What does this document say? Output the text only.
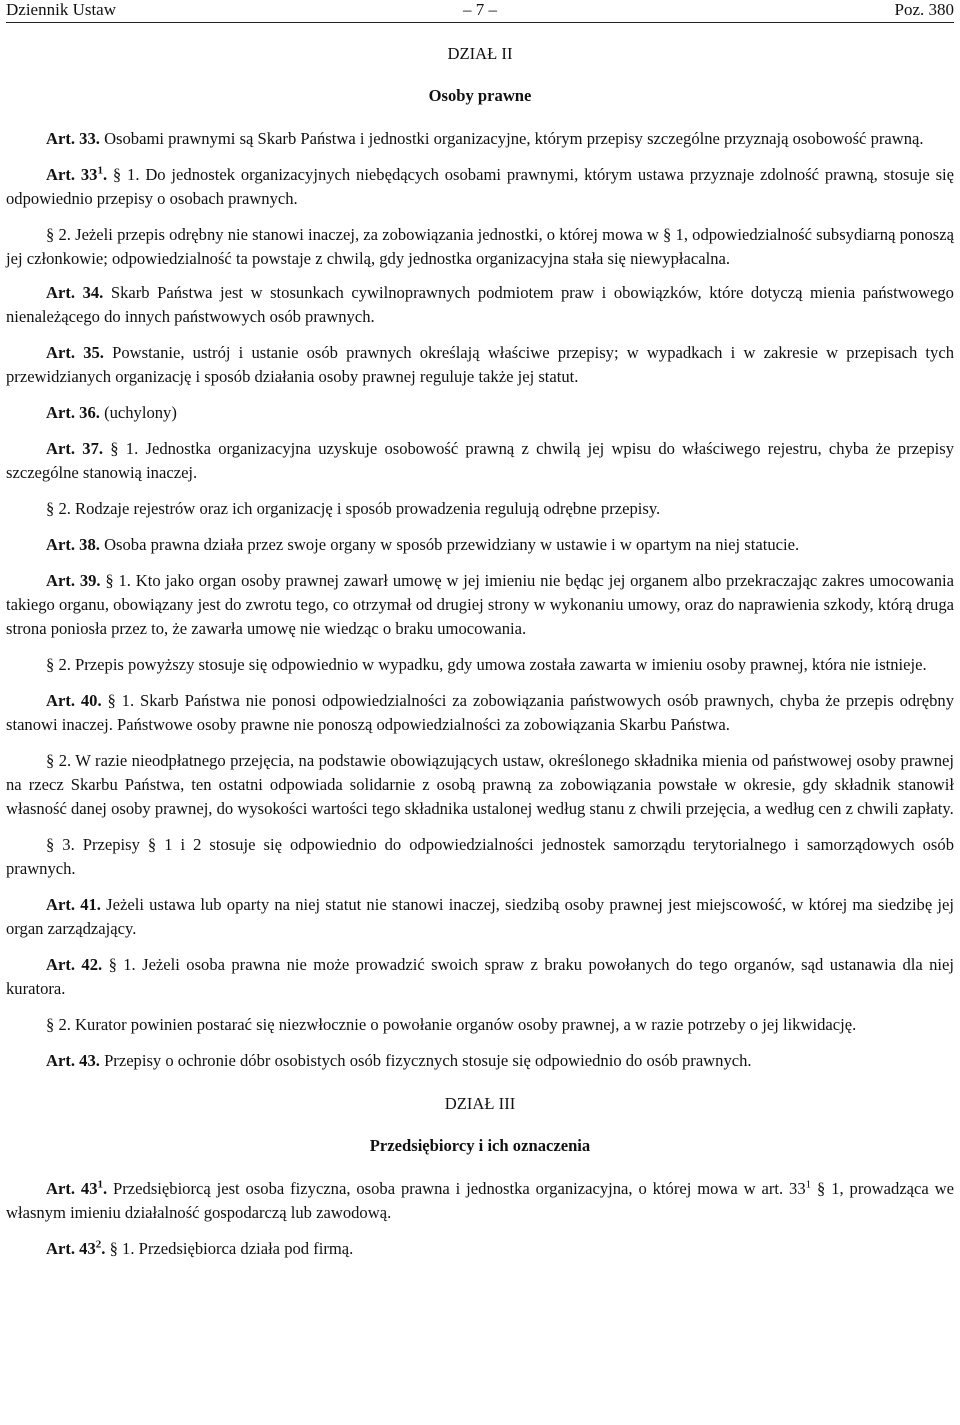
Dziennik Ustaw	– 7 –	Poz. 380
DZIAŁ II
Osoby prawne

Art. 33. Osobami prawnymi są Skarb Państwa i jednostki organizacyjne, którym przepisy szczególne przyznają osobowość prawną.

Art. $33^1$. § 1. Do jednostek organizacyjnych niebędących osobami prawnymi, którym ustawa przyznaje zdolność prawną, stosuje się odpowiednio przepisy o osobach prawnych.

§ 2. Jeżeli przepis odrębny nie stanowi inaczej, za zobowiązania jednostki, o której mowa w § 1, odpowiedzialność subsydiarną ponoszą jej członkowie; odpowiedzialność ta powstaje z chwilą, gdy jednostka organizacyjna stała się niewypłacalna.

Art. 34. Skarb Państwa jest w stosunkach cywilnoprawnych podmiotem praw i obowiązków, które dotyczą mienia państwowego nienależącego do innych państwowych osób prawnych.

Art. 35. Powstanie, ustrój i ustanie osób prawnych określają właściwe przepisy; w wypadkach i w zakresie w przepisach tych przewidzianych organizację i sposób działania osoby prawnej reguluje także jej statut.

Art. 36. (uchylony)

Art. 37. § 1. Jednostka organizacyjna uzyskuje osobowość prawną z chwilą jej wpisu do właściwego rejestru, chyba że przepisy szczególne stanowią inaczej.

§ 2. Rodzaje rejestrów oraz ich organizację i sposób prowadzenia regulują odrębne przepisy.

Art. 38. Osoba prawna działa przez swoje organy w sposób przewidziany w ustawie i w opartym na niej statucie.

Art. 39. § 1. Kto jako organ osoby prawnej zawarł umowę w jej imieniu nie będąc jej organem albo przekraczając zakres umocowania takiego organu, obowiązany jest do zwrotu tego, co otrzymał od drugiej strony w wykonaniu umowy, oraz do naprawienia szkody, którą druga strona poniosła przez to, że zawarła umowę nie wiedząc o braku umocowania.

§ 2. Przepis powyższy stosuje się odpowiednio w wypadku, gdy umowa została zawarta w imieniu osoby prawnej, która nie istnieje.

Art. 40. § 1. Skarb Państwa nie ponosi odpowiedzialności za zobowiązania państwowych osób prawnych, chyba że przepis odrębny stanowi inaczej. Państwowe osoby prawne nie ponoszą odpowiedzialności za zobowiązania Skarbu Państwa.

§ 2. W razie nieodpłatnego przejęcia, na podstawie obowiązujących ustaw, określonego składnika mienia od państwowej osoby prawnej na rzecz Skarbu Państwa, ten ostatni odpowiada solidarnie z osobą prawną za zobowiązania powstałe w okresie, gdy składnik stanowił własność danej osoby prawnej, do wysokości wartości tego składnika ustalonej według stanu z chwili przejęcia, a według cen z chwili zapłaty.

§ 3. Przepisy § 1 i 2 stosuje się odpowiednio do odpowiedzialności jednostek samorządu terytorialnego i samorządowych osób prawnych.

Art. 41. Jeżeli ustawa lub oparty na niej statut nie stanowi inaczej, siedzibą osoby prawnej jest miejscowość, w której ma siedzibę jej organ zarządzający.

Art. 42. § 1. Jeżeli osoba prawna nie może prowadzić swoich spraw z braku powołanych do tego organów, sąd ustanawia dla niej kuratora.

§ 2. Kurator powinien postarać się niezwłocznie o powołanie organów osoby prawnej, a w razie potrzeby o jej likwidację.

Art. 43. Przepisy o ochronie dóbr osobistych osób fizycznych stosuje się odpowiednio do osób prawnych.

DZIAŁ III
Przedsiębiorcy i ich oznaczenia

Art. $43^1$. Przedsiębiorcą jest osoba fizyczna, osoba prawna i jednostka organizacyjna, o której mowa w art. $33^1$ § 1, prowadząca we własnym imieniu działalność gospodarczą lub zawodową.

Art. $43^2$. § 1. Przedsiębiorca działa pod firmą.
